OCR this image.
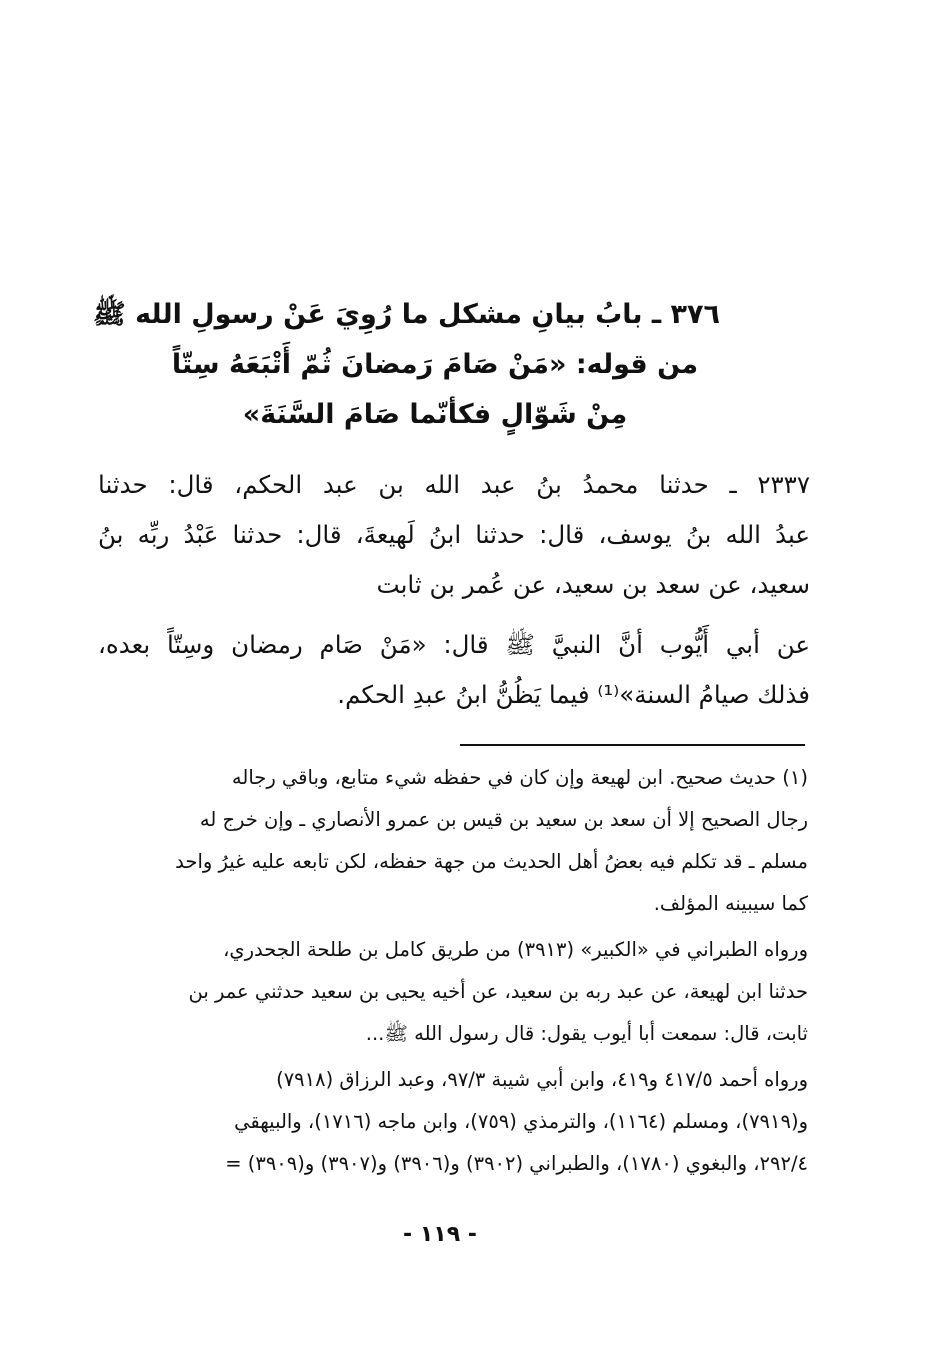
٣٧٦ ـ بابُ بيانِ مشكل ما رُوِيَ عَنْ رسولِ الله ﷺ
من قوله: «مَنْ صَامَ رَمضانَ ثُمّ أَتْبَعَهُ سِتّاً
مِنْ شَوّالٍ فكأنّما صَامَ السَّنَةَ»
٢٣٣٧ ـ حدثنا محمدُ بنُ عبد الله بن عبد الحكم، قال: حدثنا
عبدُ الله بنُ يوسف، قال: حدثنا ابنُ لَهيعةَ، قال: حدثنا عَبْدُ ربِّه بنُ
سعيد، عن سعد بن سعيد، عن عُمر بن ثابت
عن أبي أَيُّوب أنَّ النبيَّ ﷺ قال: «مَنْ صَام رمضان وسِتّاً بعده،
فذلك صيامُ السنة»⁽¹⁾ فيما يَظُنُّ ابنُ عبدِ الحكم.
(١) حديث صحيح. ابن لهيعة وإن كان في حفظه شيء متابع، وباقي رجاله
رجال الصحيح إلا أن سعد بن سعيد بن قيس بن عمرو الأنصاري ـ وإن خرج له
مسلم ـ قد تكلم فيه بعضُ أهل الحديث من جهة حفظه، لكن تابعه عليه غيرُ واحد
كما سيبينه المؤلف.
ورواه الطبراني في «الكبير» (٣٩١٣) من طريق كامل بن طلحة الجحدري،
حدثنا ابن لهيعة، عن عبد ربه بن سعيد، عن أخيه يحيى بن سعيد حدثني عمر بن
ثابت، قال: سمعت أبا أيوب يقول: قال رسول الله ﷺ...
ورواه أحمد ٤١٧/٥ و٤١٩، وابن أبي شيبة ٩٧/٣، وعبد الرزاق (٧٩١٨)
و(٧٩١٩)، ومسلم (١١٦٤)، والترمذي (٧٥٩)، وابن ماجه (١٧١٦)، والبيهقي
٢٩٢/٤، والبغوي (١٧٨٠)، والطبراني (٣٩٠٢) و(٣٩٠٦) و(٣٩٠٧) و(٣٩٠٩) =
- ١١٩ -
